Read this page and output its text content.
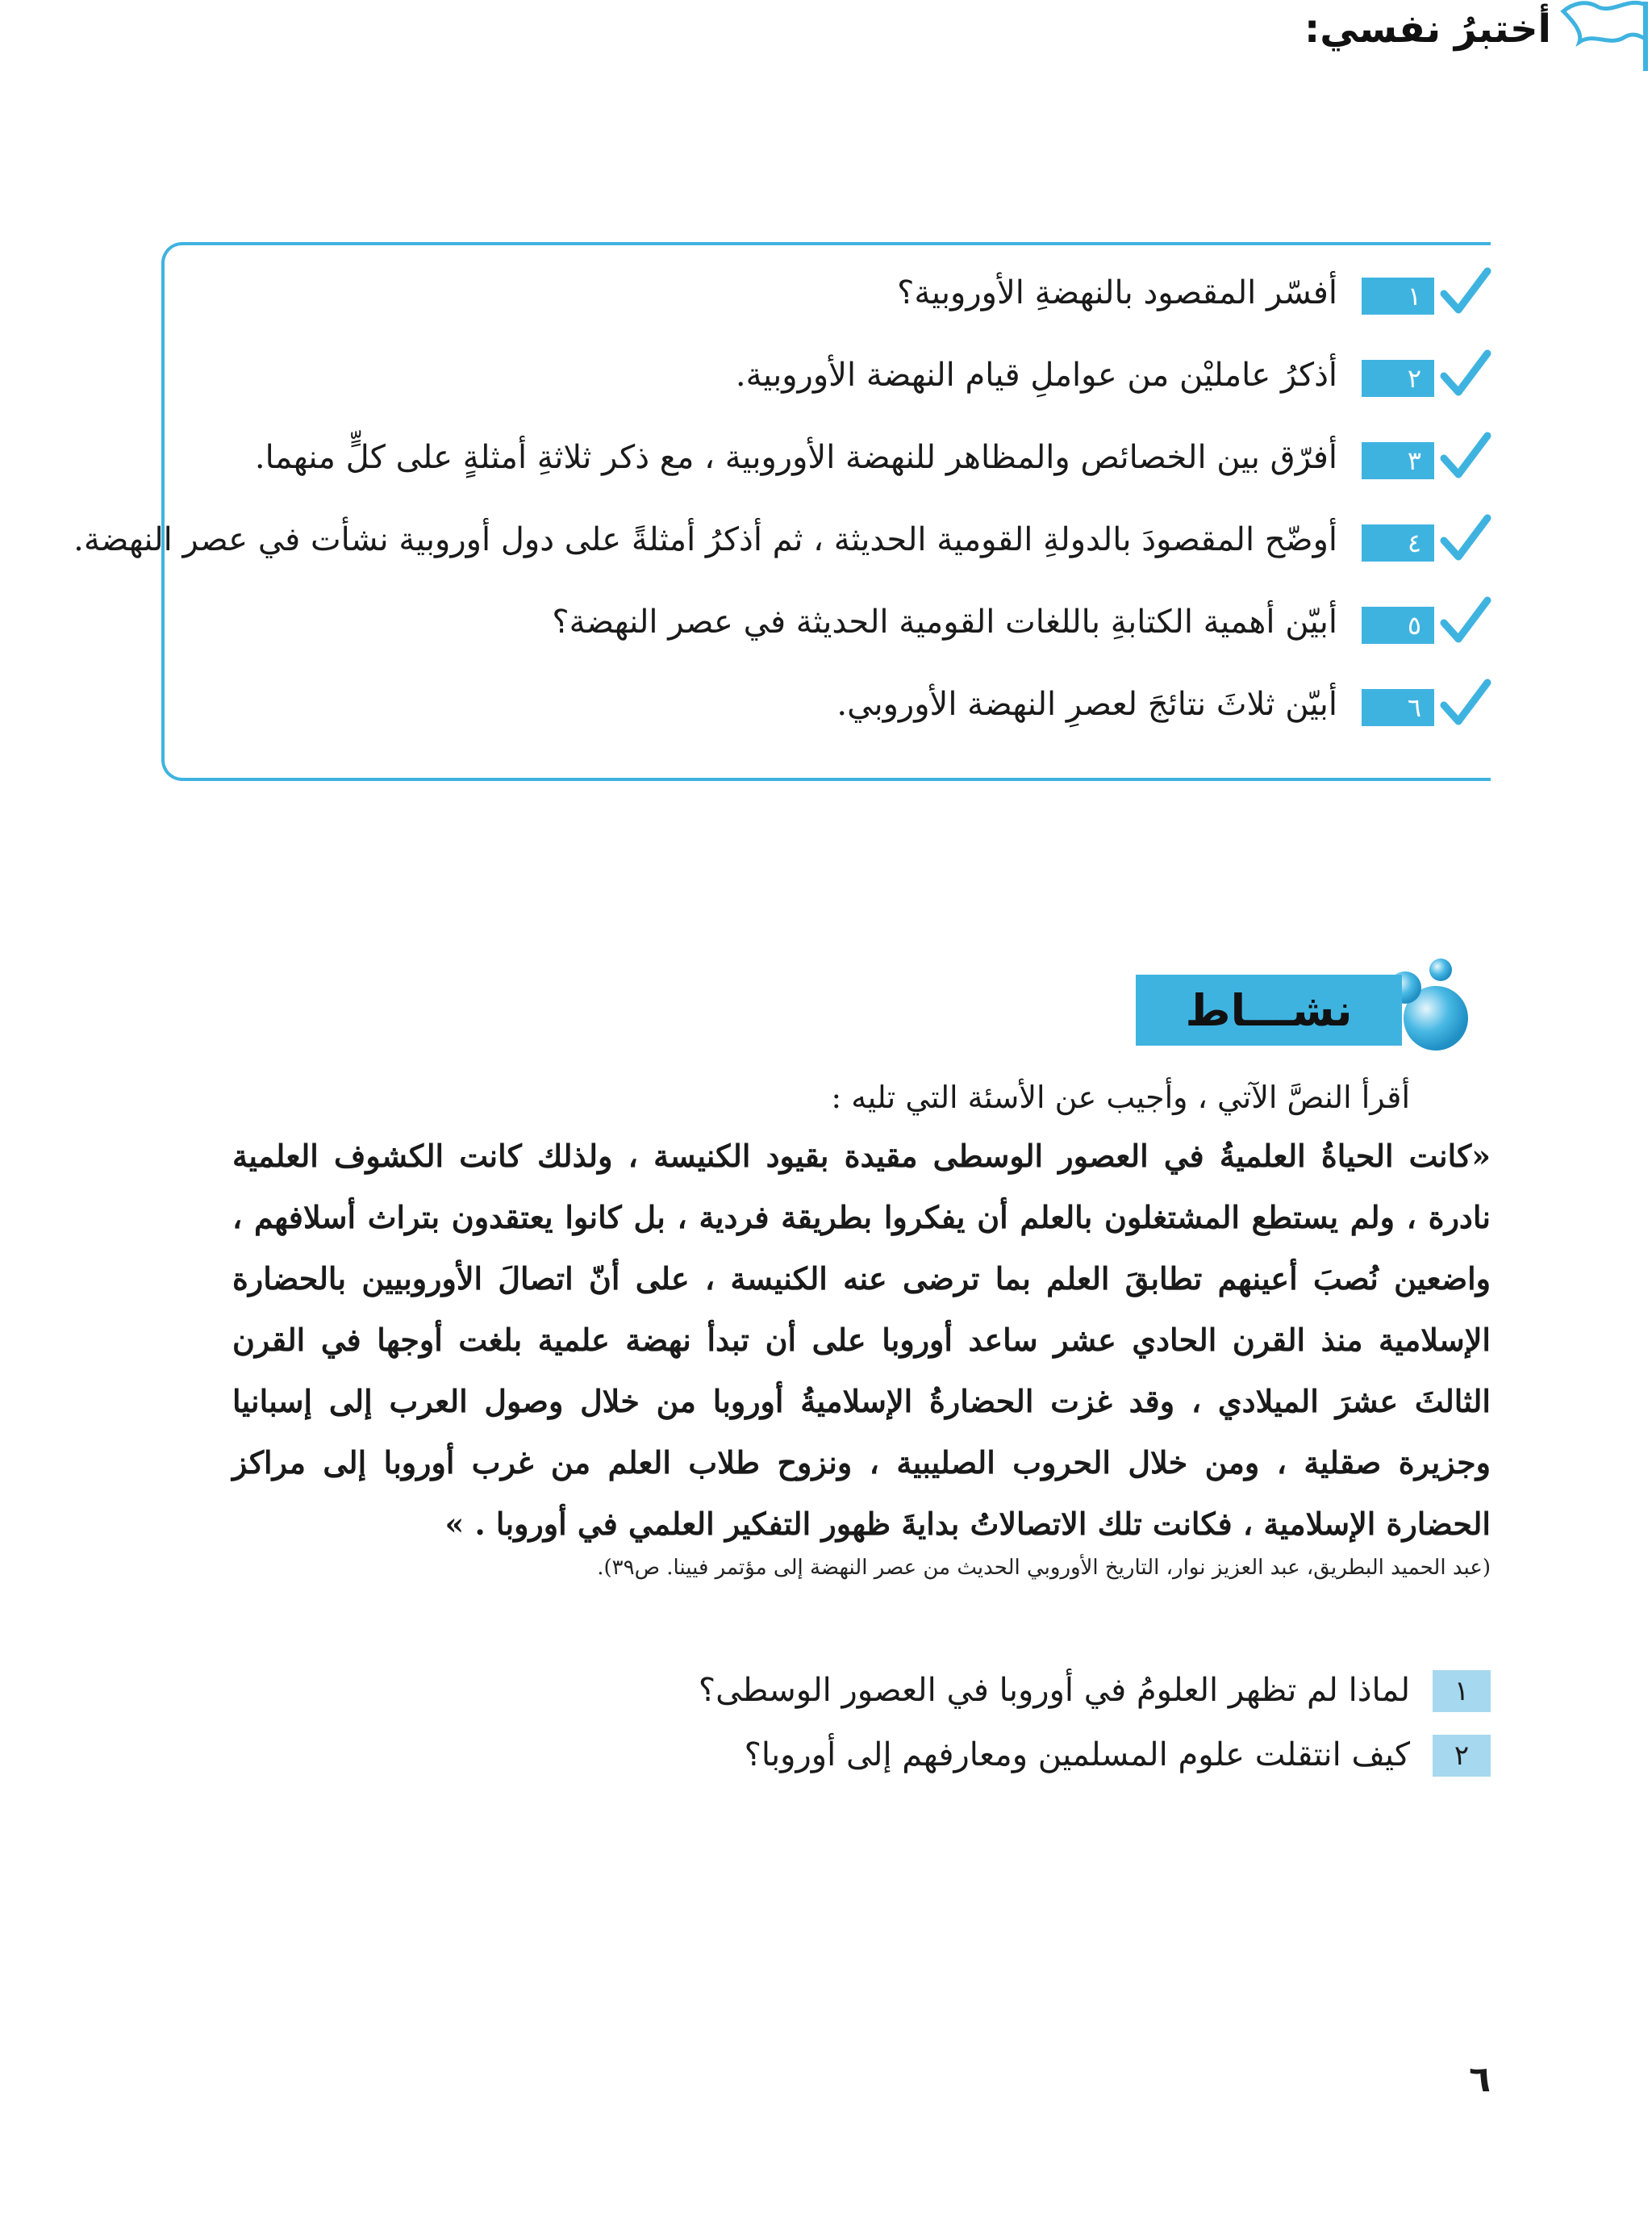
أختبرُ نفسي:
١
أفسّر المقصود بالنهضةِ الأوروبية؟
٢
أذكرُ عامليْن من عواملِ قيام النهضة الأوروبية.
٣
أفرّق بين الخصائص والمظاهر للنهضة الأوروبية ، مع ذكر ثلاثةِ أمثلةٍ على كلٍّ منهما.
٤
أوضّح المقصودَ بالدولةِ القومية الحديثة ، ثم أذكرُ أمثلةً على دول أوروبية نشأت في عصر النهضة.
٥
أبيّن أهمية الكتابةِ باللغات القومية الحديثة في عصر النهضة؟
٦
أبيّن ثلاثَ نتائجَ لعصرِ النهضة الأوروبي.
نشـــاط
أقرأ النصَّ الآتي ، وأجيب عن الأسئة التي تليه :
«كانت الحياةُ العلميةُ في العصور الوسطى مقيدة بقيود الكنيسة ، ولذلك كانت الكشوف العلمية نادرة ، ولم يستطع المشتغلون بالعلم أن يفكروا بطريقة فردية ، بل كانوا يعتقدون بتراث أسلافهم ، واضعين نُصبَ أعينهم تطابقَ العلم بما ترضى عنه الكنيسة ، على أنّ اتصالَ الأوروبيين بالحضارة الإسلامية منذ القرن الحادي عشر ساعد أوروبا على أن تبدأ نهضة علمية بلغت أوجها في القرن الثالثَ عشرَ الميلادي ، وقد غزت الحضارةُ الإسلاميةُ أوروبا من خلال وصول العرب إلى إسبانيا وجزيرة صقلية ، ومن خلال الحروب الصليبية ، ونزوح طلاب العلم من غرب أوروبا إلى مراكز الحضارة الإسلامية ، فكانت تلك الاتصالاتُ بدايةَ ظهور التفكير العلمي في أوروبا . »
(عبد الحميد البطريق، عبد العزيز نوار، التاريخ الأوروبي الحديث من عصر النهضة إلى مؤتمر فيينا. ص٣٩).
١
لماذا لم تظهر العلومُ في أوروبا في العصور الوسطى؟
٢
كيف انتقلت علوم المسلمين ومعارفهم إلى أوروبا؟
٦
